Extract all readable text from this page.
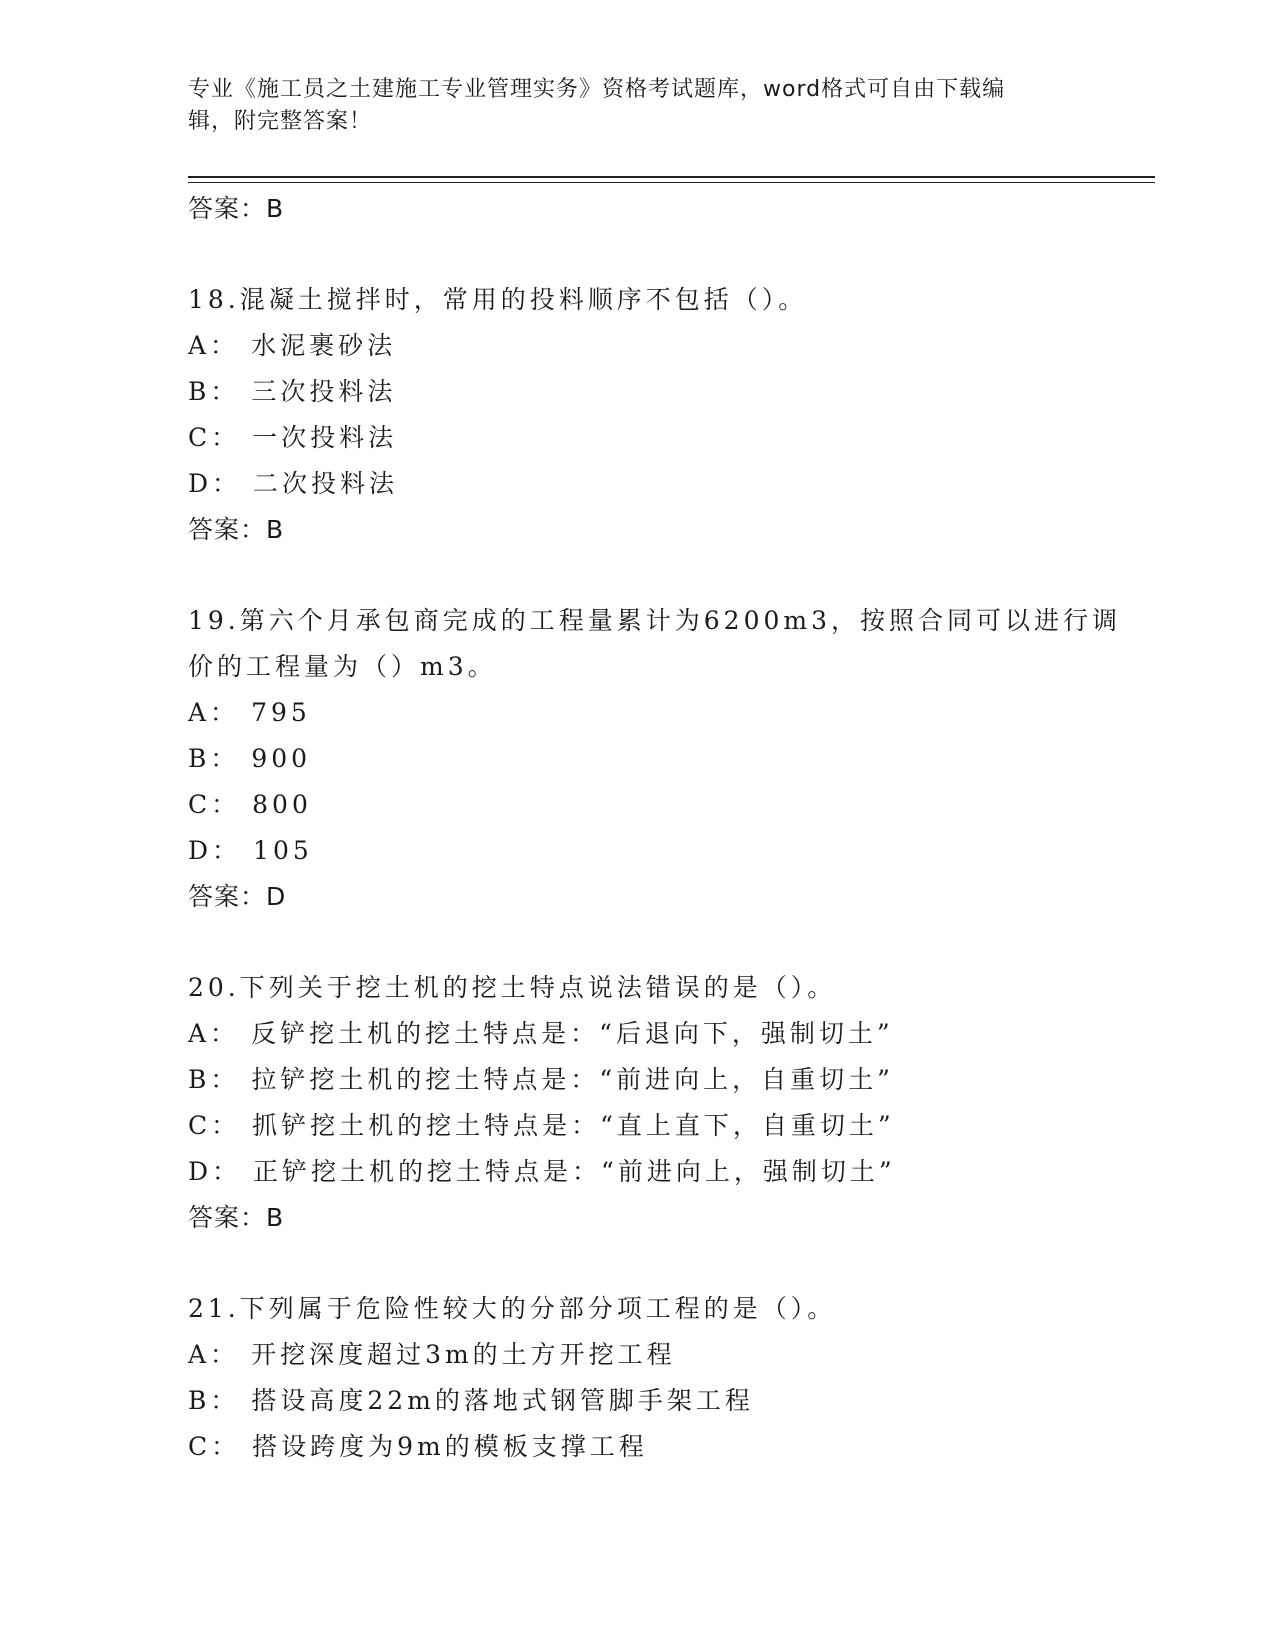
专业《施工员之土建施工专业管理实务》资格考试题库，word格式可自由下载编
辑，附完整答案！
答案：B
18.混凝土搅拌时，常用的投料顺序不包括（）。
A： 水泥裹砂法
B： 三次投料法
C： 一次投料法
D： 二次投料法
答案：B
19.第六个月承包商完成的工程量累计为6200m3，按照合同可以进行调
价的工程量为（）m3。
A： 795
B： 900
C： 800
D： 105
答案：D
20.下列关于挖土机的挖土特点说法错误的是（）。
A： 反铲挖土机的挖土特点是：“后退向下，强制切土”
B： 拉铲挖土机的挖土特点是：“前进向上，自重切土”
C： 抓铲挖土机的挖土特点是：“直上直下，自重切土”
D： 正铲挖土机的挖土特点是：“前进向上，强制切土”
答案：B
21.下列属于危险性较大的分部分项工程的是（）。
A： 开挖深度超过3m的土方开挖工程
B： 搭设高度22m的落地式钢管脚手架工程
C： 搭设跨度为9m的模板支撑工程
